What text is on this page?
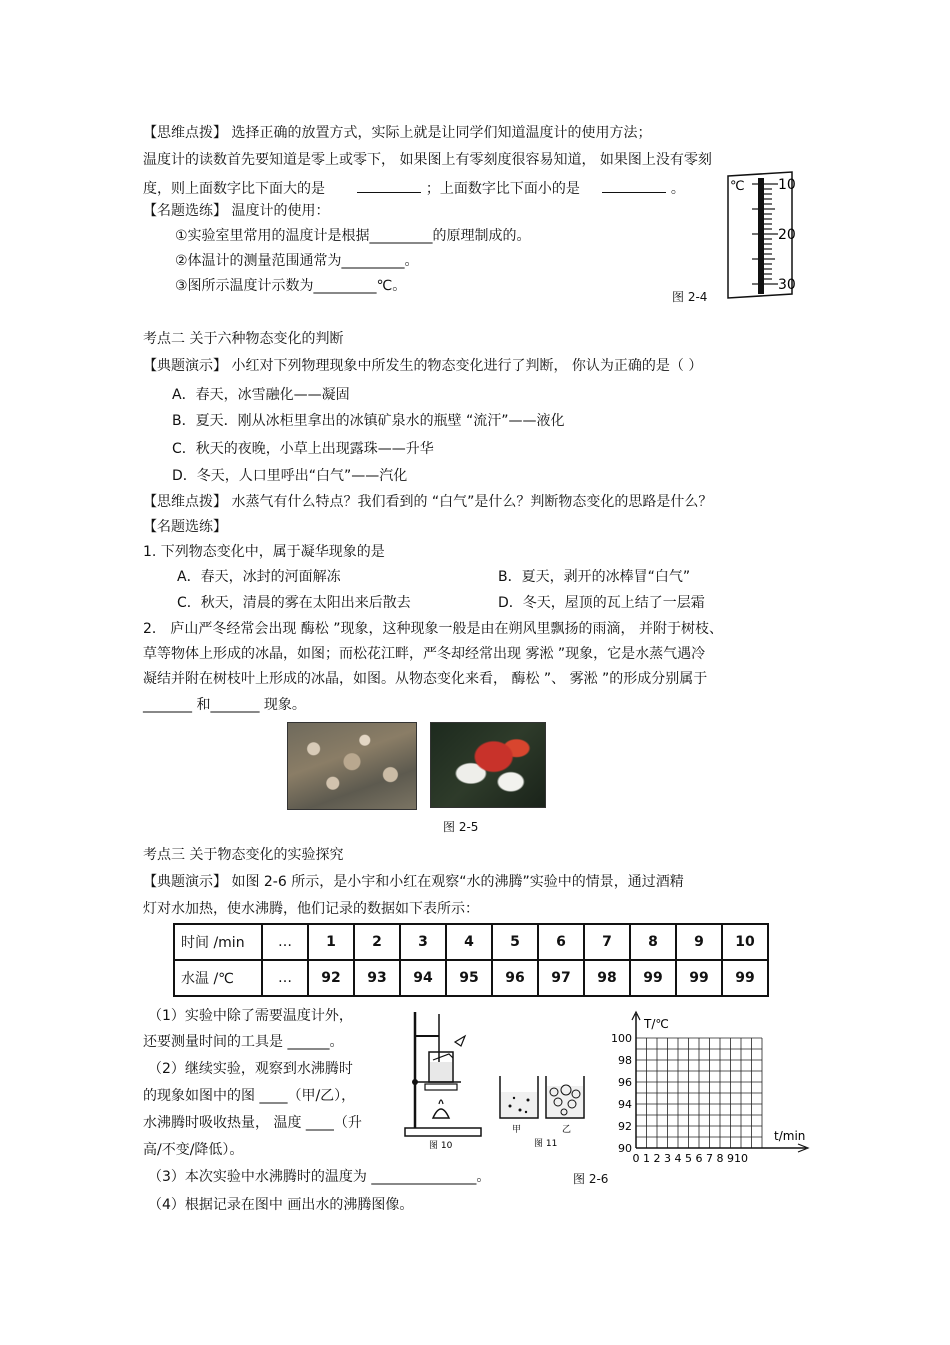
【思维点拨】 选择正确的放置方式，实际上就是让同学们知道温度计的使用方法；
温度计的读数首先要知道是零上或零下， 如果图上有零刻度很容易知道， 如果图上没有零刻
度，则上面数字比下面大的是	；上面数字比下面小的是	。
【名题选练】 温度计的使用：
①实验室里常用的温度计是根据_________的原理制成的。
②体温计的测量范围通常为_________。
③图所示温度计示数为_________℃。
图 2-4
℃ 10
20
30
考点二 关于六种物态变化的判断
【典题演示】 小红对下列物理现象中所发生的物态变化进行了判断， 你认为正确的是（ ）
A．春天，冰雪融化——凝固
B．夏天．刚从冰柜里拿出的冰镇矿泉水的瓶壁 “流汗”——液化
C．秋天的夜晚，小草上出现露珠——升华
D．冬天，人口里呼出“白气”——汽化
【思维点拨】 水蒸气有什么特点？我们看到的 “白气”是什么？判断物态变化的思路是什么？
【名题选练】
1. 下列物态变化中，属于凝华现象的是
A．春天，冰封的河面解冻	B．夏天，剥开的冰棒冒“白气”
C．秋天，清晨的雾在太阳出来后散去	D．冬天，屋顶的瓦上结了一层霜
2． 庐山严冬经常会出现 酶松 ”现象，这种现象一般是由在朔风里飘扬的雨滴， 并附于树枝、
草等物体上形成的冰晶，如图；而松花江畔，严冬却经常出现 雾淞 ”现象，它是水蒸气遇冷
凝结并附在树枝叶上形成的冰晶，如图。从物态变化来看， 酶松 ”、 雾淞 ”的形成分别属于
_______ 和_______ 现象。
图 2-5
考点三 关于物态变化的实验探究
【典题演示】 如图 2-6 所示，是小宇和小红在观察“水的沸腾”实验中的情景，通过酒精
灯对水加热，使水沸腾，他们记录的数据如下表所示：
时间 /min	…	1	2	3	4	5	6	7	8	9	10
水温 /℃	…	92	93	94	95	96	97	98	99	99	99
（1）实验中除了需要温度计外，
还要测量时间的工具是 ______。
（2）继续实验，观察到水沸腾时
的现象如图中的图 ____（甲/乙），
水沸腾时吸收热量， 温度 ____（升
高/不变/降低）。
（3）本次实验中水沸腾时的温度为 _______________。	图 2-6
（4）根据记录在图中 画出水的沸腾图像。
图 10
甲	乙
图 11
T/℃
t/min
100
98
96
94
92
90
0 1 2 3 4 5 6 7 8 9 10
